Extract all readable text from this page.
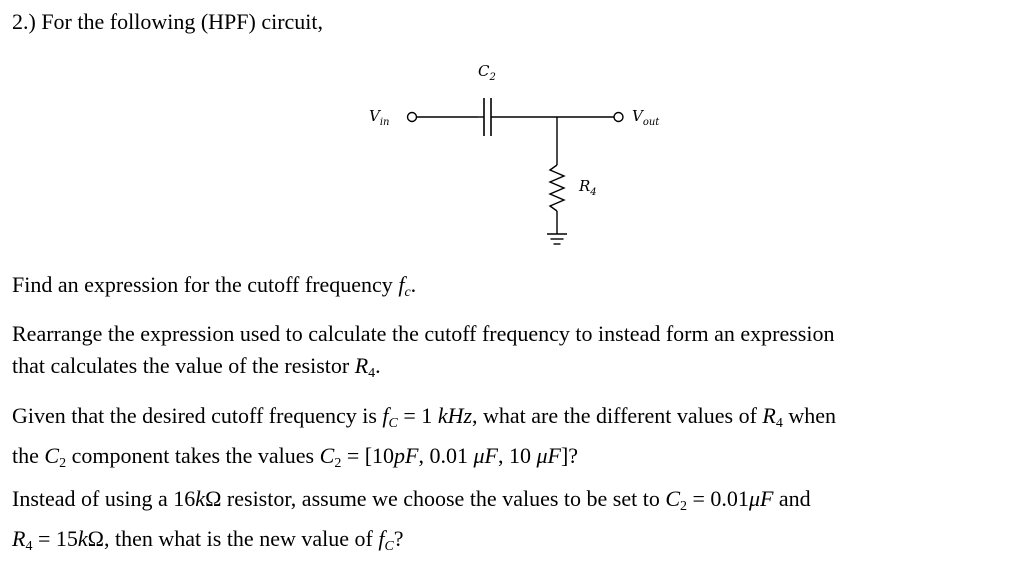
2.) For the following (HPF) circuit,
$C_2$
$V_{in}$	$V_{out}$
$R_4$

Find an expression for the cutoff frequency fc.

Rearrange the expression used to calculate the cutoff frequency to instead form an expression
that calculates the value of the resistor R4.

Given that the desired cutoff frequency is fC = 1 kHz, what are the different values of R4 when
the C2 component takes the values C2 = [10pF, 0.01 μF, 10 μF]?

Instead of using a 16kΩ resistor, assume we choose the values to be set to C2 = 0.01μF and
R4 = 15kΩ, then what is the new value of fC?
